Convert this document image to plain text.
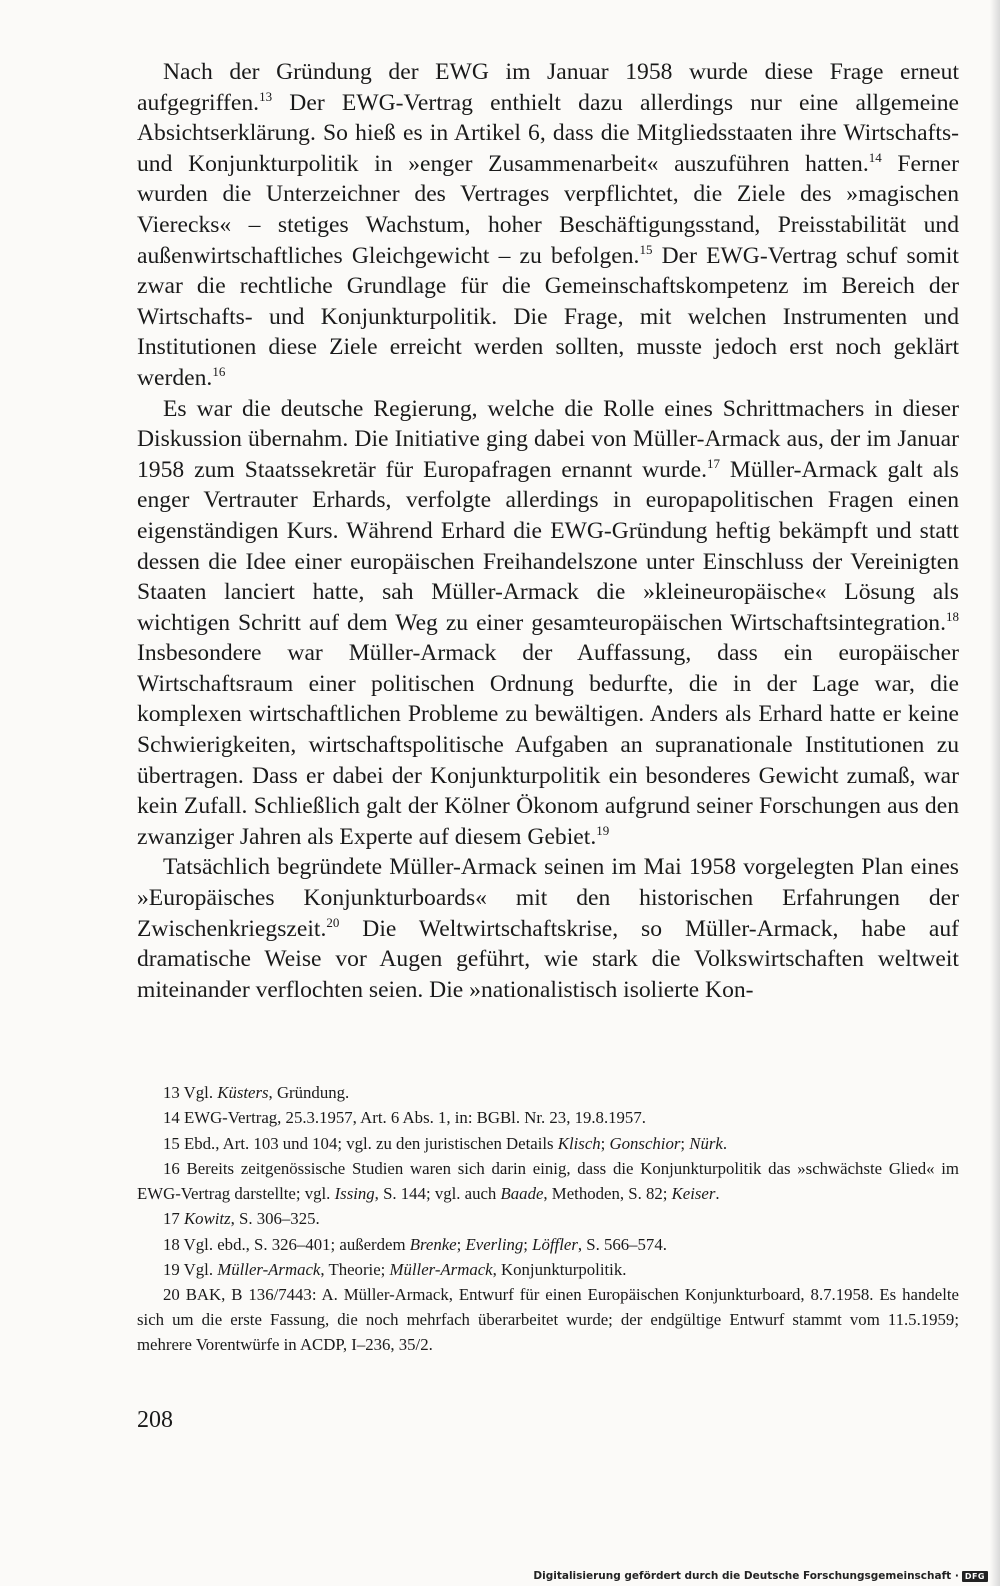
Nach der Gründung der EWG im Januar 1958 wurde diese Frage erneut aufgegriffen.$^{13}$ Der EWG-Vertrag enthielt dazu allerdings nur eine allgemeine Absichtserklärung. So hieß es in Artikel 6, dass die Mitgliedsstaaten ihre Wirtschafts- und Konjunkturpolitik in »enger Zusammenarbeit« auszuführen hatten.$^{14}$ Ferner wurden die Unterzeichner des Vertrages verpflichtet, die Ziele des »magischen Vierecks« – stetiges Wachstum, hoher Beschäftigungsstand, Preisstabilität und außenwirtschaftliches Gleichgewicht – zu befolgen.$^{15}$ Der EWG-Vertrag schuf somit zwar die rechtliche Grundlage für die Gemeinschaftskompetenz im Bereich der Wirtschafts- und Konjunkturpolitik. Die Frage, mit welchen Instrumenten und Institutionen diese Ziele erreicht werden sollten, musste jedoch erst noch geklärt werden.$^{16}$

Es war die deutsche Regierung, welche die Rolle eines Schrittmachers in dieser Diskussion übernahm. Die Initiative ging dabei von Müller-Armack aus, der im Januar 1958 zum Staatssekretär für Europafragen ernannt wurde.$^{17}$ Müller-Armack galt als enger Vertrauter Erhards, verfolgte allerdings in europapolitischen Fragen einen eigenständigen Kurs. Während Erhard die EWG-Gründung heftig bekämpft und statt dessen die Idee einer europäischen Freihandelszone unter Einschluss der Vereinigten Staaten lanciert hatte, sah Müller-Armack die »kleineuropäische« Lösung als wichtigen Schritt auf dem Weg zu einer gesamteuropäischen Wirtschaftsintegration.$^{18}$ Insbesondere war Müller-Armack der Auffassung, dass ein europäischer Wirtschaftsraum einer politischen Ordnung bedurfte, die in der Lage war, die komplexen wirtschaftlichen Probleme zu bewältigen. Anders als Erhard hatte er keine Schwierigkeiten, wirtschaftspolitische Aufgaben an supranationale Institutionen zu übertragen. Dass er dabei der Konjunkturpolitik ein besonderes Gewicht zumaß, war kein Zufall. Schließlich galt der Kölner Ökonom aufgrund seiner Forschungen aus den zwanziger Jahren als Experte auf diesem Gebiet.$^{19}$

Tatsächlich begründete Müller-Armack seinen im Mai 1958 vorgelegten Plan eines »Europäisches Konjunkturboards« mit den historischen Erfahrungen der Zwischenkriegszeit.$^{20}$ Die Weltwirtschaftskrise, so Müller-Armack, habe auf dramatische Weise vor Augen geführt, wie stark die Volkswirtschaften weltweit miteinander verflochten seien. Die »nationalistisch isolierte Kon-

13 Vgl. Küsters, Gründung.

14 EWG-Vertrag, 25.3.1957, Art. 6 Abs. 1, in: BGBl. Nr. 23, 19.8.1957.

15 Ebd., Art. 103 und 104; vgl. zu den juristischen Details Klisch; Gonschior; Nürk.

16 Bereits zeitgenössische Studien waren sich darin einig, dass die Konjunkturpolitik das »schwächste Glied« im EWG-Vertrag darstellte; vgl. Issing, S. 144; vgl. auch Baade, Methoden, S. 82; Keiser.

17 Kowitz, S. 306–325.

18 Vgl. ebd., S. 326–401; außerdem Brenke; Everling; Löffler, S. 566–574.

19 Vgl. Müller-Armack, Theorie; Müller-Armack, Konjunkturpolitik.

20 BAK, B 136/7443: A. Müller-Armack, Entwurf für einen Europäischen Konjunkturboard, 8.7.1958. Es handelte sich um die erste Fassung, die noch mehrfach überarbeitet wurde; der endgültige Entwurf stammt vom 11.5.1959; mehrere Vorentwürfe in ACDP, I–236, 35/2.

208
Digitalisierung gefördert durch die Deutsche Forschungsgemeinschaft · DFG
